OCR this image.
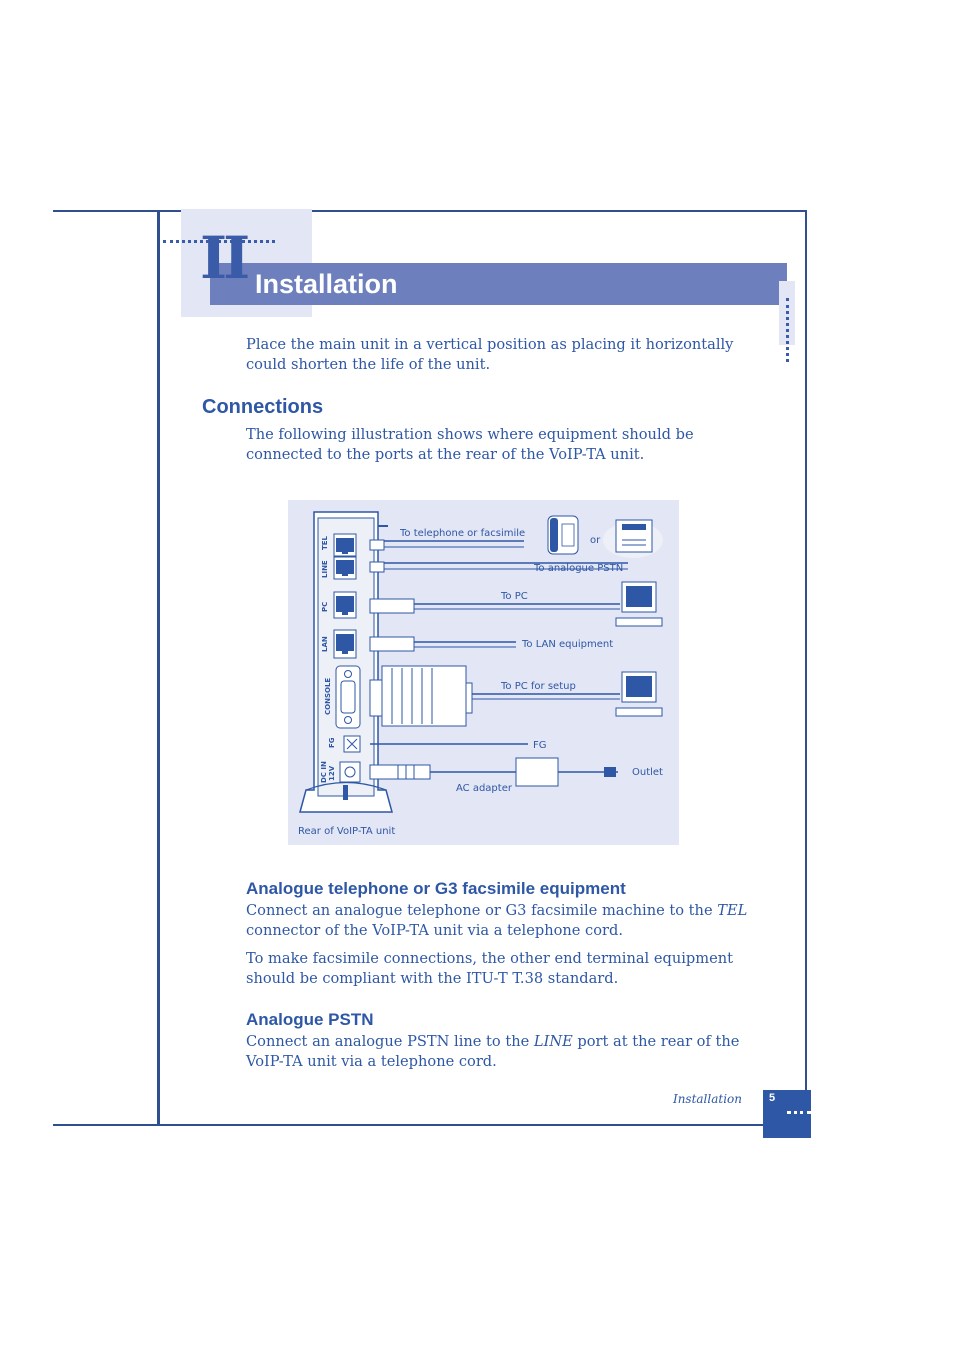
II Installation

Place the main unit in a vertical position as placing it horizontally could shorten the life of the unit.

Connections

The following illustration shows where equipment should be connected to the ports at the rear of the VoIP-TA unit.

TEL
LINE
PC
LAN
CONSOLE
FG
DC IN 12V
To telephone or facsimile
or
To analogue PSTN
To PC
To LAN equipment
To PC for setup
FG
Outlet
AC adapter
Rear of VoIP-TA unit
Analogue telephone or G3 facsimile equipment

Connect an analogue telephone or G3 facsimile machine to the TEL connector of the VoIP-TA unit via a telephone cord.

To make facsimile connections, the other end terminal equipment should be compliant with the ITU-T T.38 standard.

Analogue PSTN

Connect an analogue PSTN line to the LINE port at the rear of the VoIP-TA unit via a telephone cord.

Installation 5
